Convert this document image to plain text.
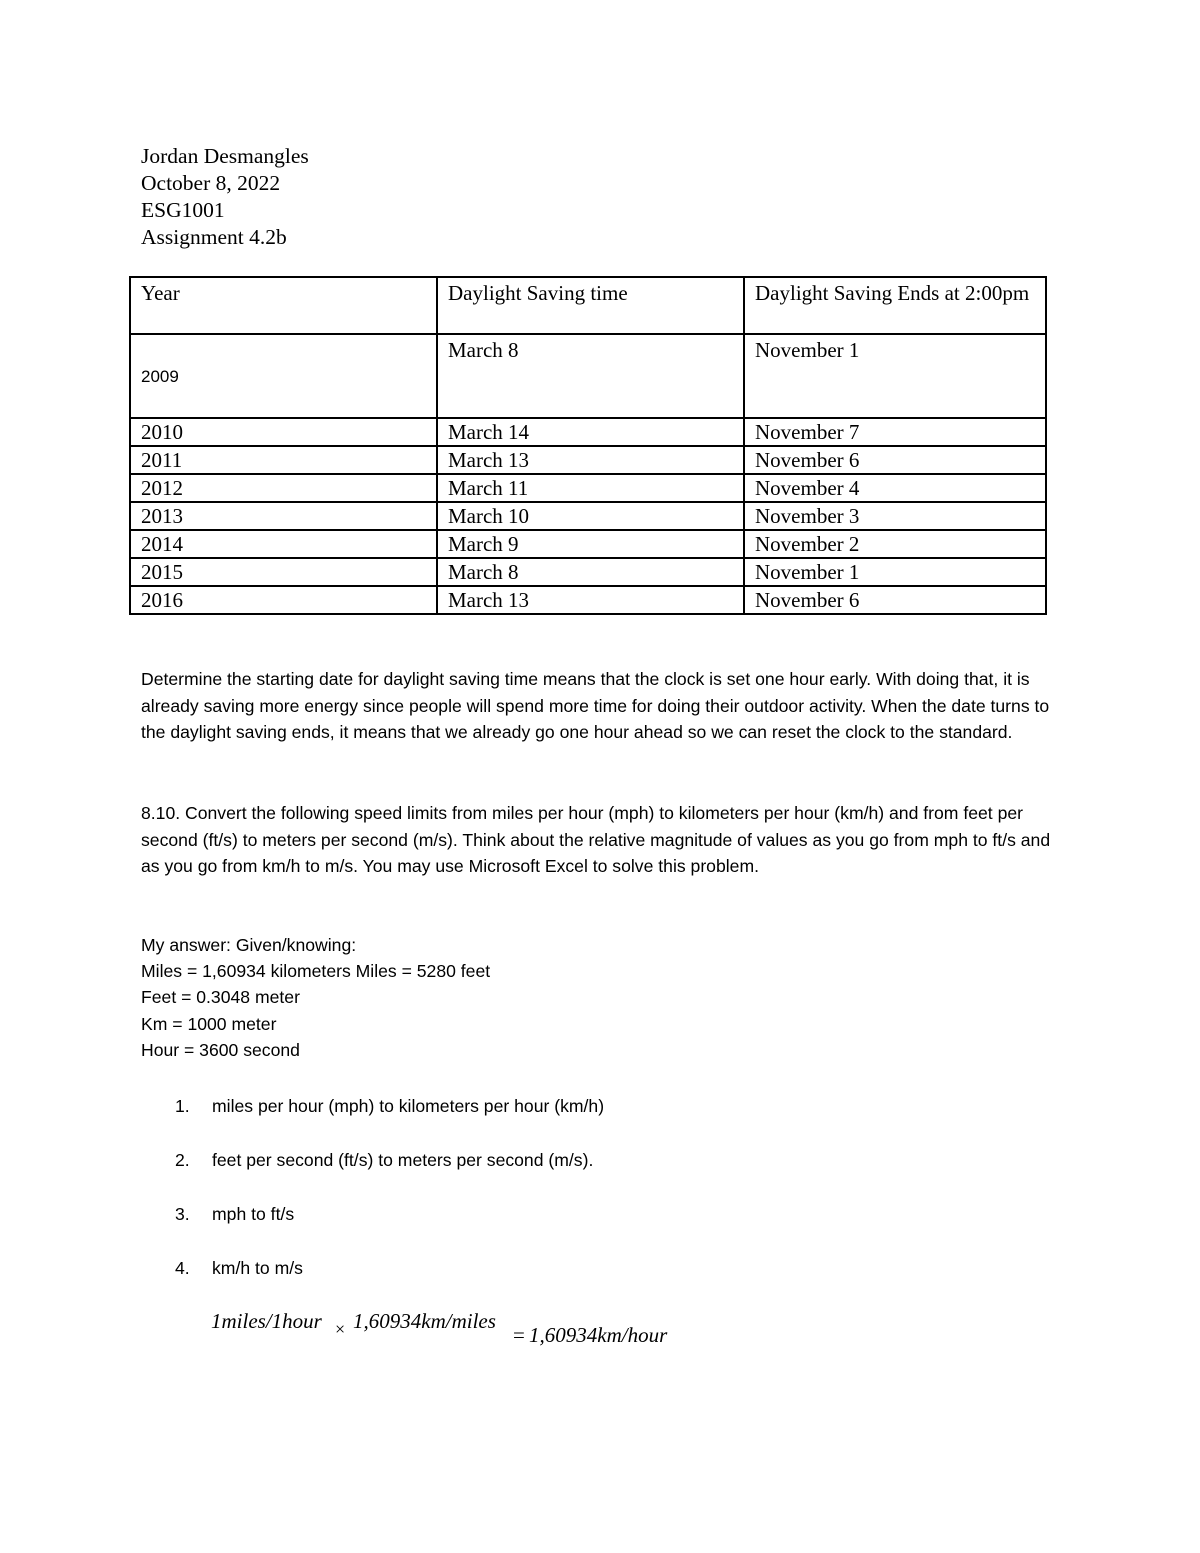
Jordan Desmangles
October 8, 2022
ESG1001
Assignment 4.2b
Year	Daylight Saving time	Daylight Saving Ends at 2:00pm
2009	March 8	November 1
2010	March 14	November 7
2011	March 13	November 6
2012	March 11	November 4
2013	March 10	November 3
2014	March 9	November 2
2015	March 8	November 1
2016	March 13	November 6
Determine the starting date for daylight saving time means that the clock is set one hour early. With doing that, it is already saving more energy since people will spend more time for doing their outdoor activity. When the date turns to the daylight saving ends, it means that we already go one hour ahead so we can reset the clock to the standard.
8.10. Convert the following speed limits from miles per hour (mph) to kilometers per hour (km/h) and from feet per second (ft/s) to meters per second (m/s). Think about the relative magnitude of values as you go from mph to ft/s and as you go from km/h to m/s. You may use Microsoft Excel to solve this problem.
My answer: Given/knowing:
Miles = 1,60934 kilometers Miles = 5280 feet
Feet = 0.3048 meter
Km = 1000 meter
Hour = 3600 second
1.	miles per hour (mph) to kilometers per hour (km/h)
2.	feet per second (ft/s) to meters per second (m/s).
3.	mph to ft/s
4.	km/h to m/s
1miles/1hour × 1,60934km/miles
= 1,60934km/hour
